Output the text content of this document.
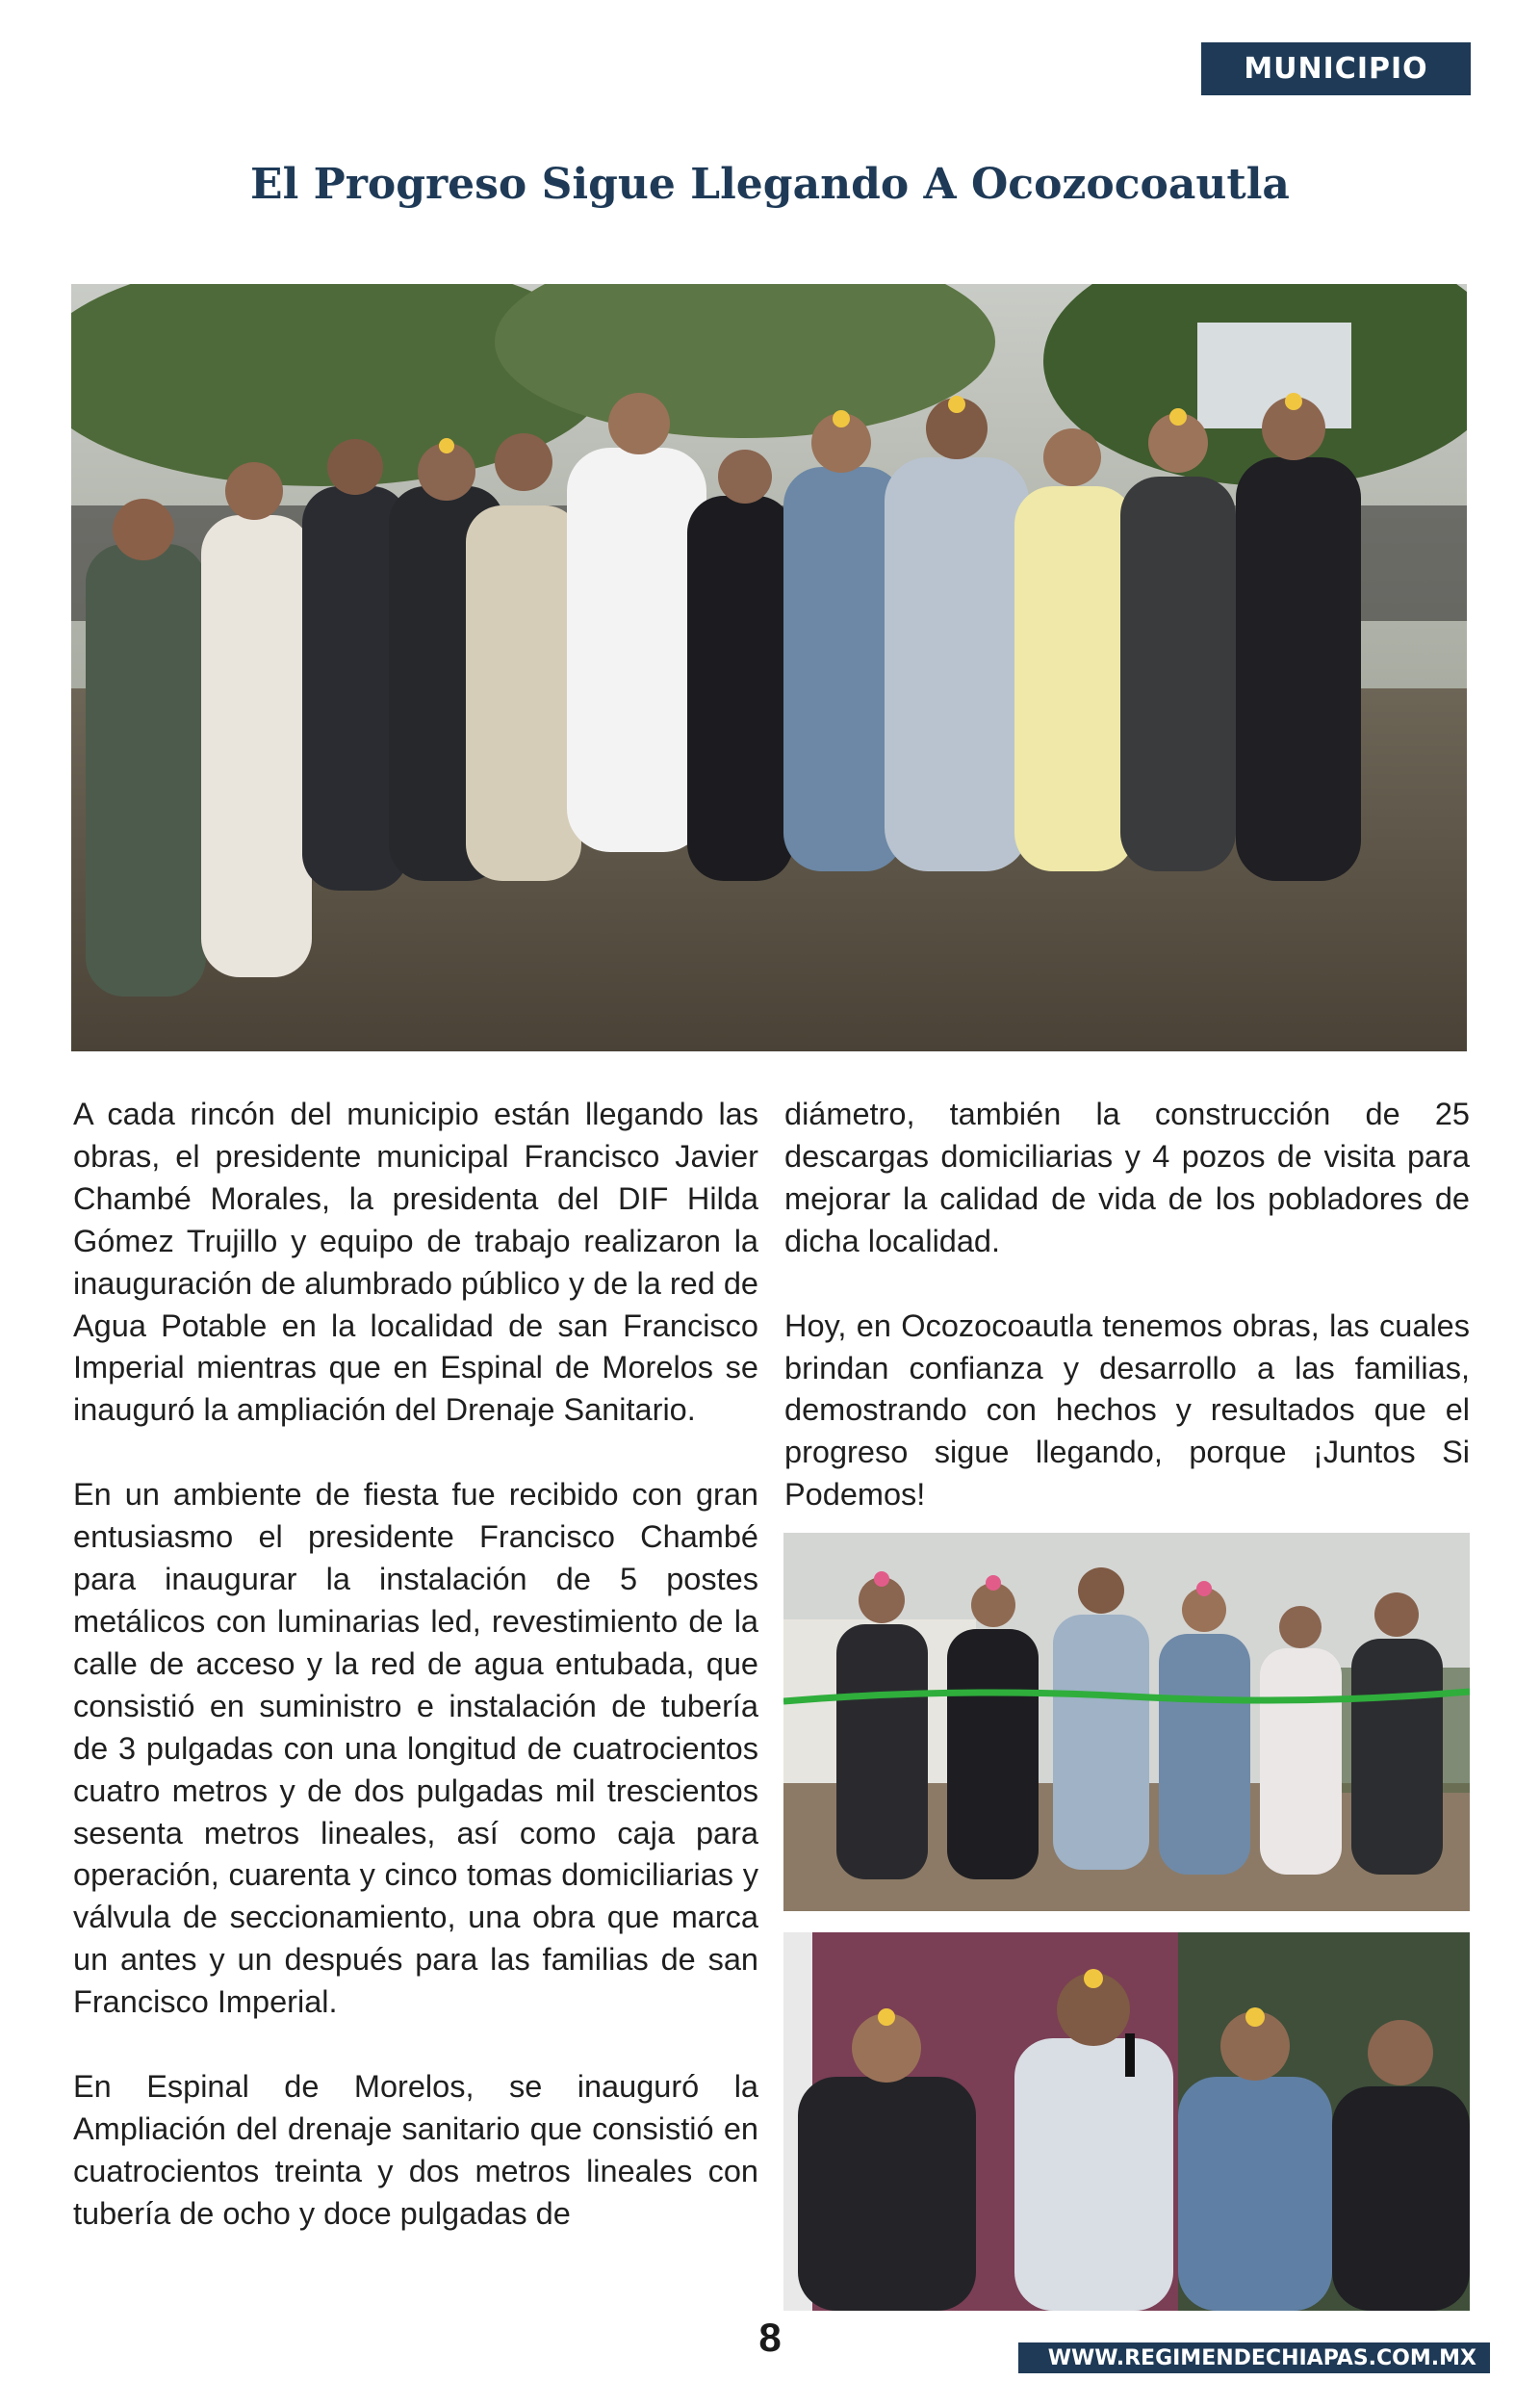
MUNICIPIO
El Progreso Sigue Llegando A Ocozocoautla

A cada rincón del municipio están llegando las obras, el presidente municipal Francisco Javier Chambé Morales, la presidenta del DIF Hilda Gómez Trujillo y equipo de trabajo realizaron la inauguración de alumbrado público y de la red de Agua Potable en la localidad de san Francisco Imperial mientras que en Espinal de Morelos se inauguró la ampliación del Drenaje Sanitario.

En un ambiente de fiesta fue recibido con gran entusiasmo el presidente Francisco Chambé para inaugurar la instalación de 5 postes metálicos con luminarias led, revestimiento de la calle de acceso y la red de agua entubada, que consistió en suministro e instalación de tubería de 3 pulgadas con una longitud de cuatrocientos cuatro metros y de dos pulgadas mil trescientos sesenta metros lineales, así como caja para operación, cuarenta y cinco tomas domiciliarias y válvula de seccionamiento, una obra que marca un antes y un después para las familias de san Francisco Imperial.

En Espinal de Morelos, se inauguró la Ampliación del drenaje sanitario que consistió en cuatrocientos treinta y dos metros lineales con tubería de ocho y doce pulgadas de

diámetro, también la construcción de 25 descargas domiciliarias y 4 pozos de visita para mejorar la calidad de vida de los pobladores de dicha localidad.

Hoy, en Ocozocoautla tenemos obras, las cuales brindan confianza y desarrollo a las familias, demostrando con hechos y resultados que el progreso sigue llegando, porque ¡Juntos Si Podemos!

8	WWW.REGIMENDECHIAPAS.COM.MX
